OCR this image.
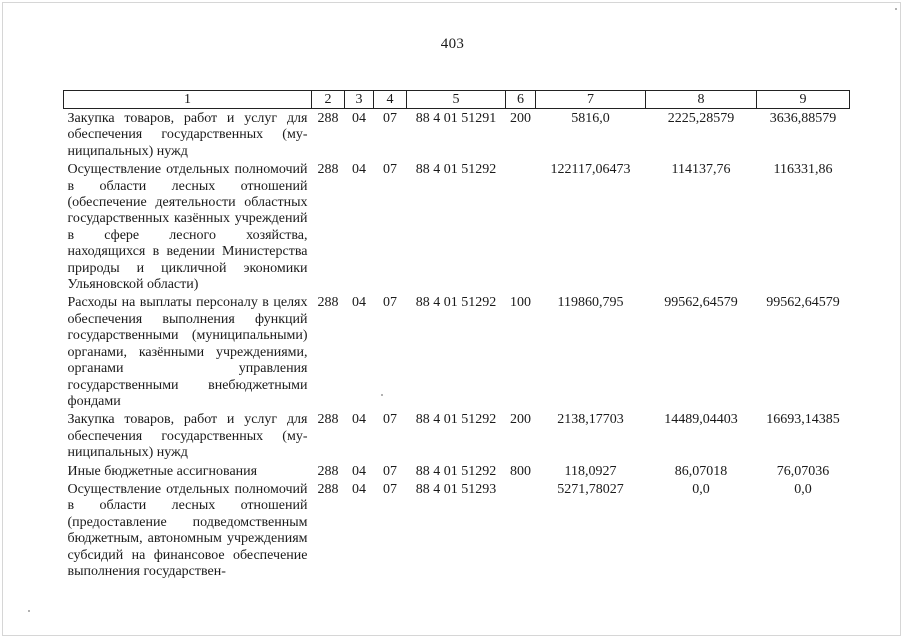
403
1	2	3	4	5	6	7	8	9
Закупка товаров, работ и услуг для обеспечения государственных (муниципальных) нужд	288	04	07	88 4 01 51291	200	5816,0	2225,28579	3636,88579
Осуществление отдельных полномочий в области лесных отношений (обеспечение деятельности областных государственных казённых учреждений в сфере лесного хозяйства, находящихся в ведении Министерства природы и цикличной экономики Ульяновской области)	288	04	07	88 4 01 51292		122117,06473	114137,76	116331,86
Расходы на выплаты персоналу в целях обеспечения выполнения функций государственными (муниципальными) органами, казёнными учреждениями, органами управления государственными внебюджетными фондами	288	04	07	88 4 01 51292	100	119860,795	99562,64579	99562,64579
Закупка товаров, работ и услуг для обеспечения государственных (муниципальных) нужд	288	04	07	88 4 01 51292	200	2138,17703	14489,04403	16693,14385
Иные бюджетные ассигнования	288	04	07	88 4 01 51292	800	118,0927	86,07018	76,07036
Осуществление отдельных полномочий в области лесных отношений (предоставление подведомственным бюджетным, автономным учреждениям субсидий на финансовое обеспечение выполнения государствен-	288	04	07	88 4 01 51293		5271,78027	0,0	0,0
